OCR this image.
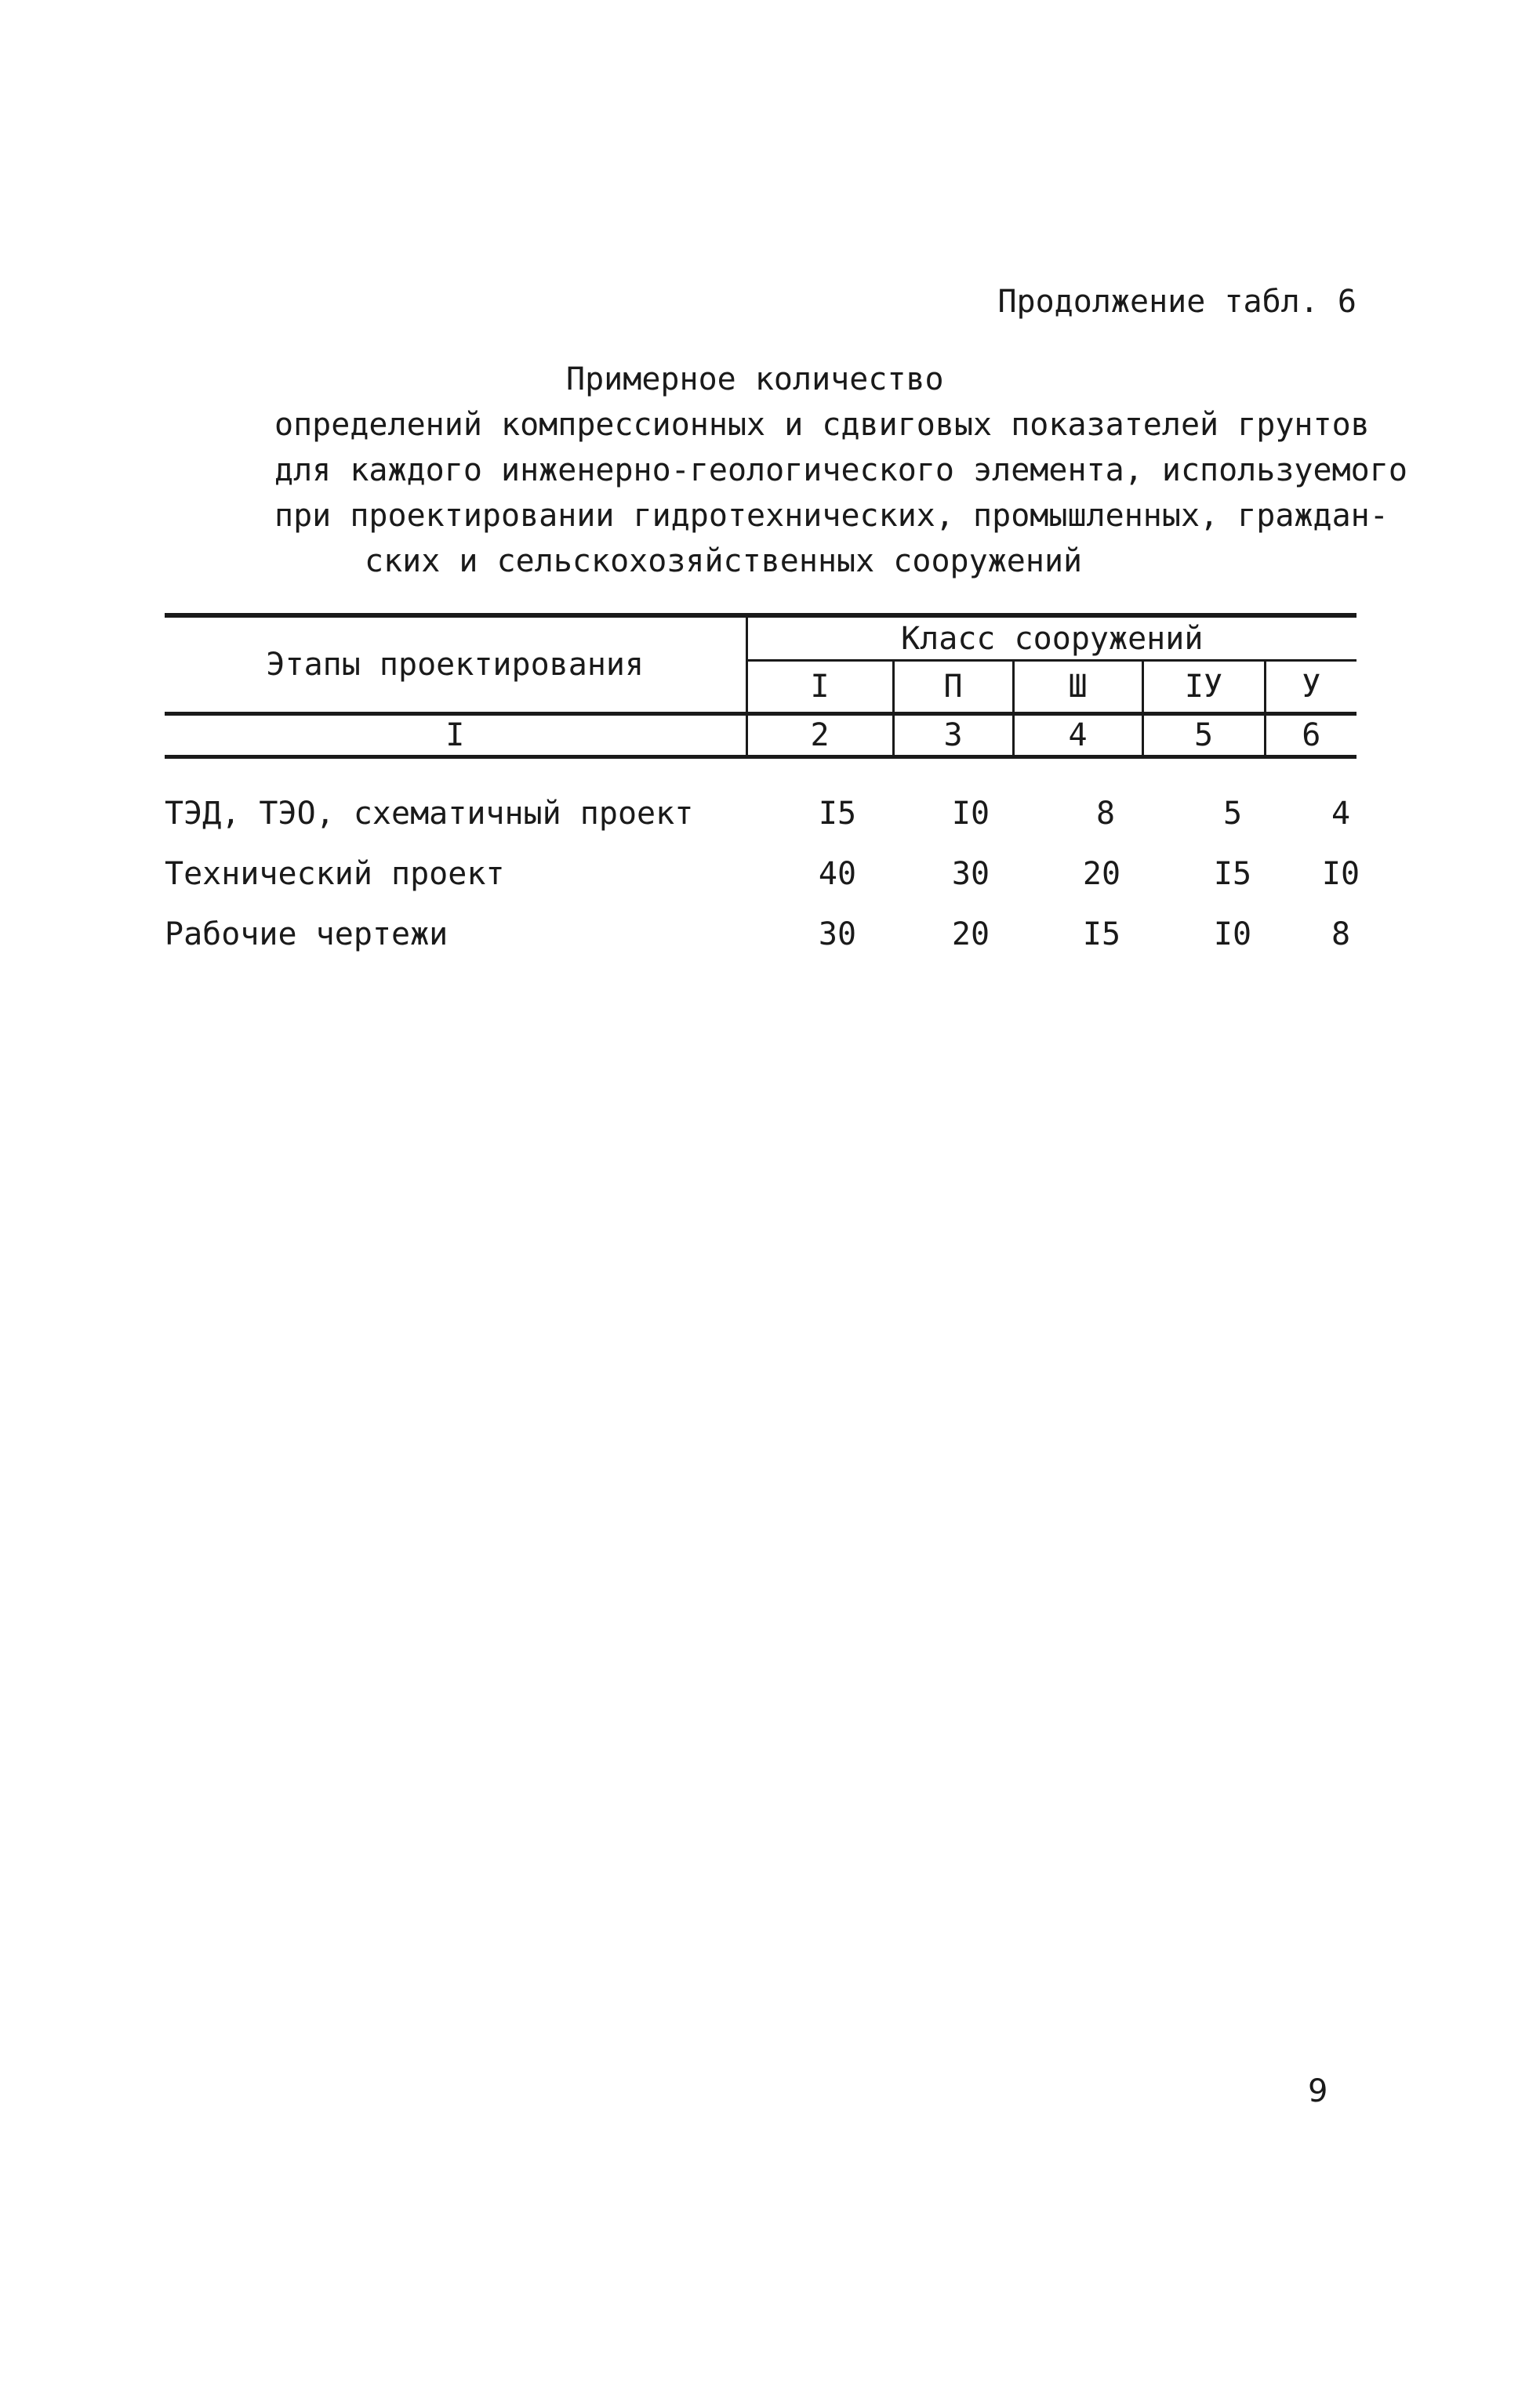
Продолжение табл. 6
Примерное количество
определений компрессионных и сдвиговых показателей грунтов
для каждого инженерно-геологического элемента, используемого
при проектировании гидротехнических, промышленных, граждан-
ских и сельскохозяйственных сооружений
Этапы проектирования	Класс сооружений				
	I	П	Ш	IУ	У
I	2	3	4	5	6
ТЭД, ТЭО, схематичный проект	I5	I0	8	5	4
Технический проект	40	30	20	I5	I0
Рабочие чертежи	30	20	I5	I0	8
9
